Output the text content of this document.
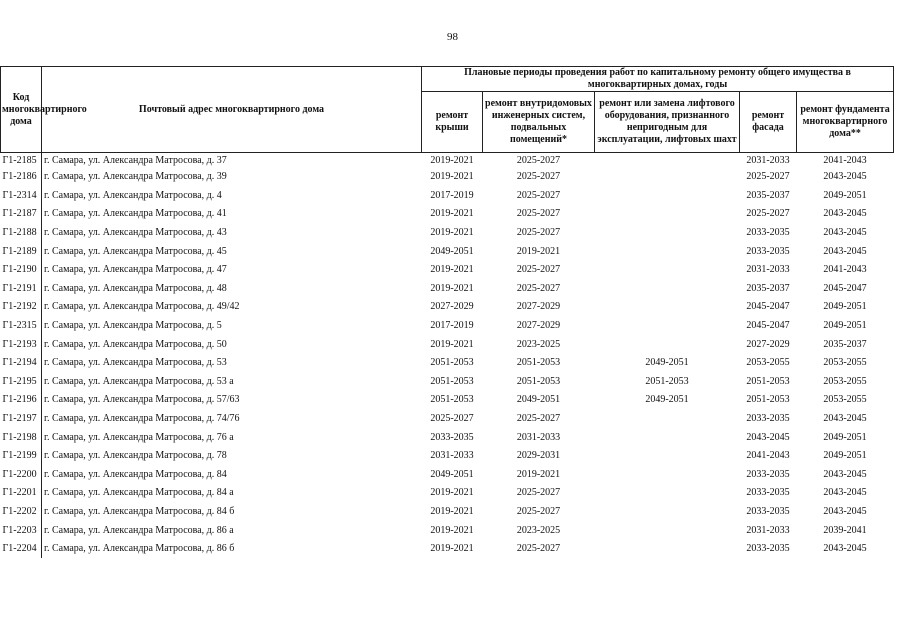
98
Код многоквартирного дома	Почтовый адрес многоквартирного дома	Плановые периоды проведения работ по капитальному ремонту общего имущества в многоквартирных домах, годы				
		ремонт крыши	ремонт внутридомовых инженерных систем, подвальных помещений*	ремонт или замена лифтового оборудования, признанного непригодным для эксплуатации, лифтовых шахт	ремонт фасада	ремонт фундамента многоквартирного дома**
Г1-2185	г. Самара, ул. Александра Матросова, д. 37	2019-2021	2025-2027		2031-2033	2041-2043
Г1-2186	г. Самара, ул. Александра Матросова, д. 39	2019-2021	2025-2027		2025-2027	2043-2045
Г1-2314	г. Самара, ул. Александра Матросова, д. 4	2017-2019	2025-2027		2035-2037	2049-2051
Г1-2187	г. Самара, ул. Александра Матросова, д. 41	2019-2021	2025-2027		2025-2027	2043-2045
Г1-2188	г. Самара, ул. Александра Матросова, д. 43	2019-2021	2025-2027		2033-2035	2043-2045
Г1-2189	г. Самара, ул. Александра Матросова, д. 45	2049-2051	2019-2021		2033-2035	2043-2045
Г1-2190	г. Самара, ул. Александра Матросова, д. 47	2019-2021	2025-2027		2031-2033	2041-2043
Г1-2191	г. Самара, ул. Александра Матросова, д. 48	2019-2021	2025-2027		2035-2037	2045-2047
Г1-2192	г. Самара, ул. Александра Матросова, д. 49/42	2027-2029	2027-2029		2045-2047	2049-2051
Г1-2315	г. Самара, ул. Александра Матросова, д. 5	2017-2019	2027-2029		2045-2047	2049-2051
Г1-2193	г. Самара, ул. Александра Матросова, д. 50	2019-2021	2023-2025		2027-2029	2035-2037
Г1-2194	г. Самара, ул. Александра Матросова, д. 53	2051-2053	2051-2053	2049-2051	2053-2055	2053-2055
Г1-2195	г. Самара, ул. Александра Матросова, д. 53 а	2051-2053	2051-2053	2051-2053	2051-2053	2053-2055
Г1-2196	г. Самара, ул. Александра Матросова, д. 57/63	2051-2053	2049-2051	2049-2051	2051-2053	2053-2055
Г1-2197	г. Самара, ул. Александра Матросова, д. 74/76	2025-2027	2025-2027		2033-2035	2043-2045
Г1-2198	г. Самара, ул. Александра Матросова, д. 76 а	2033-2035	2031-2033		2043-2045	2049-2051
Г1-2199	г. Самара, ул. Александра Матросова, д. 78	2031-2033	2029-2031		2041-2043	2049-2051
Г1-2200	г. Самара, ул. Александра Матросова, д. 84	2049-2051	2019-2021		2033-2035	2043-2045
Г1-2201	г. Самара, ул. Александра Матросова, д. 84 а	2019-2021	2025-2027		2033-2035	2043-2045
Г1-2202	г. Самара, ул. Александра Матросова, д. 84 б	2019-2021	2025-2027		2033-2035	2043-2045
Г1-2203	г. Самара, ул. Александра Матросова, д. 86 а	2019-2021	2023-2025		2031-2033	2039-2041
Г1-2204	г. Самара, ул. Александра Матросова, д. 86 б	2019-2021	2025-2027		2033-2035	2043-2045
